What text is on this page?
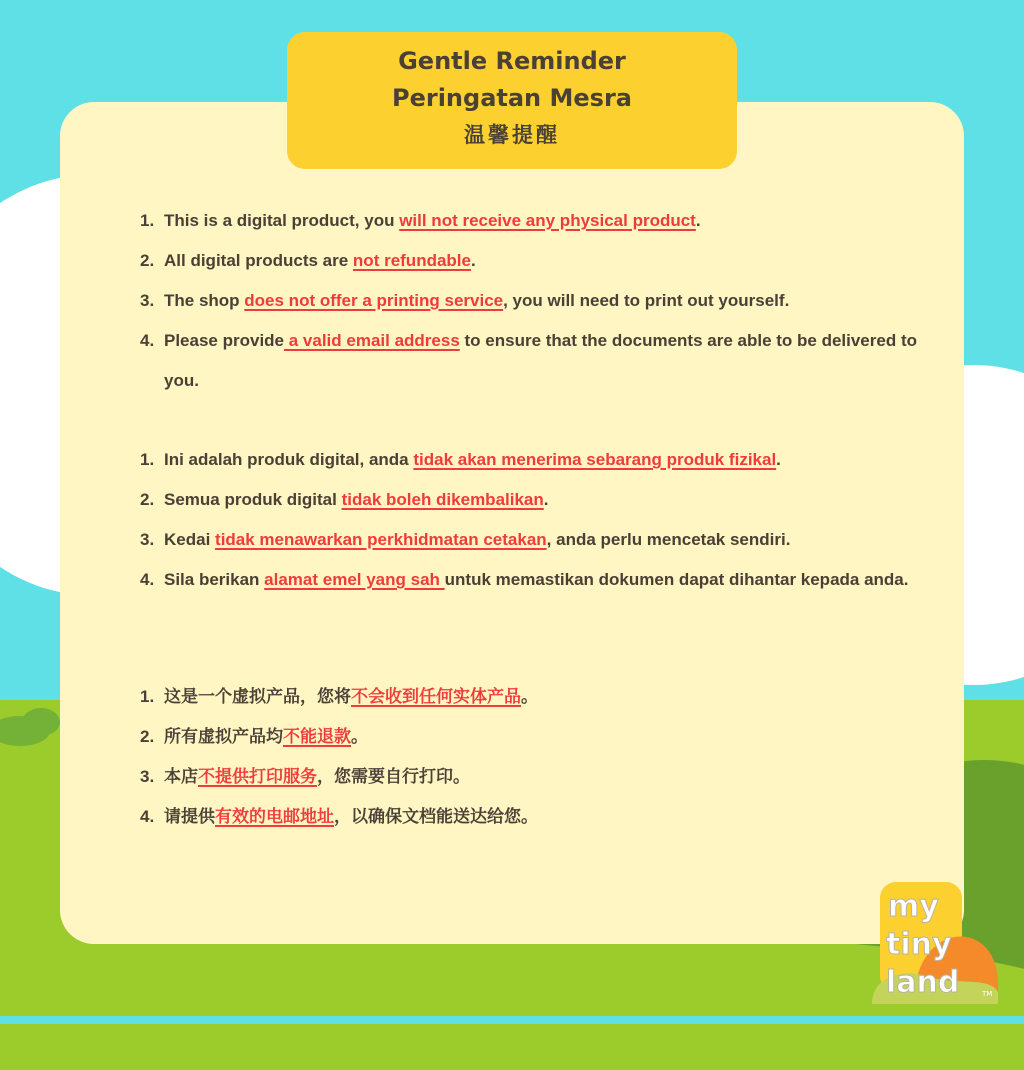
Gentle Reminder
Peringatan Mesra
温馨提醒
1. This is a digital product, you will not receive any physical product.
2. All digital products are not refundable.
3. The shop does not offer a printing service, you will need to print out yourself.
4. Please provide a valid email address to ensure that the documents are able to be delivered to you.
1. Ini adalah produk digital, anda tidak akan menerima sebarang produk fizikal.
2. Semua produk digital tidak boleh dikembalikan.
3. Kedai tidak menawarkan perkhidmatan cetakan, anda perlu mencetak sendiri.
4. Sila berikan alamat emel yang sah untuk memastikan dokumen dapat dihantar kepada anda.
1. 这是一个虚拟产品，您将不会收到任何实体产品。
2. 所有虚拟产品均不能退款。
3. 本店不提供打印服务，您需要自行打印。
4. 请提供有效的电邮地址，以确保文档能送达给您。
my
tiny
land	TM
